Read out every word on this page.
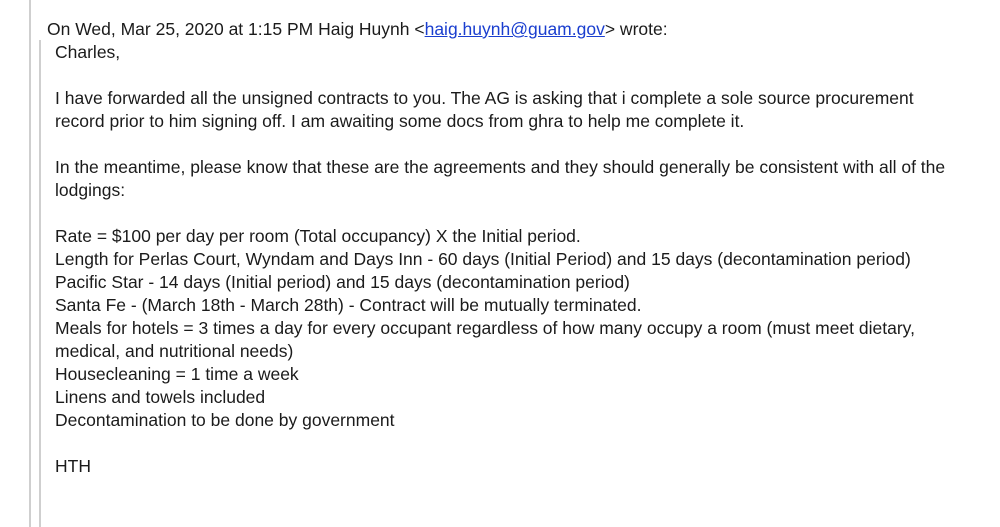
On Wed, Mar 25, 2020 at 1:15 PM Haig Huynh <haig.huynh@guam.gov> wrote:
Charles,
I have forwarded all the unsigned contracts to you. The AG is asking that i complete a sole source procurement
record prior to him signing off. I am awaiting some docs from ghra to help me complete it.
In the meantime, please know that these are the agreements and they should generally be consistent with all of the
lodgings:
Rate = $100 per day per room (Total occupancy) X the Initial period.
Length for Perlas Court, Wyndam and Days Inn - 60 days (Initial Period) and 15 days (decontamination period)
Pacific Star - 14 days (Initial period) and 15 days (decontamination period)
Santa Fe - (March 18th - March 28th) - Contract will be mutually terminated.
Meals for hotels = 3 times a day for every occupant regardless of how many occupy a room (must meet dietary,
medical, and nutritional needs)
Housecleaning = 1 time a week
Linens and towels included
Decontamination to be done by government
HTH
